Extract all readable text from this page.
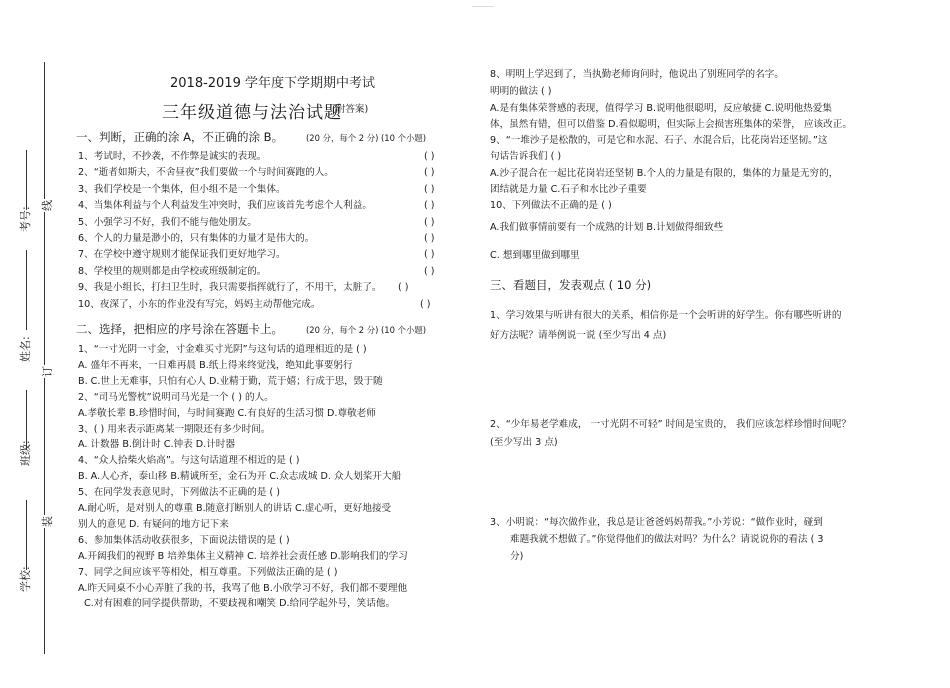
考号:
姓名:
班级:
学校:
线
订
装
2018-2019 学年度下学期期中考试
三年级道德与法治试题
(附答案)
一、判断，正确的涂 A，不正确的涂 B。	(20 分，每个 2 分) (10 个小题)
1、考试时，不抄袭，不作弊是诚实的表现。	( )
2、“逝者如斯夫，不舍昼夜”我们要做一个与时间赛跑的人。	( )
3、我们学校是一个集体，但小组不是一个集体。	( )
4、当集体利益与个人利益发生冲突时，我们应该首先考虑个人利益。	( )
5、小强学习不好，我们不能与他处朋友。	( )
6、个人的力量是渺小的，只有集体的力量才是伟大的。	( )
7、在学校中遵守规则才能保证我们更好地学习。	( )
8、学校里的规则都是由学校或班级制定的。	( )
9、我是小组长，打扫卫生时，我只需要指挥就行了，不用干，太脏了。 ( )
10、夜深了，小东的作业没有写完，妈妈主动帮他完成。	( )
二、选择，把相应的序号涂在答题卡上。	(20 分，每个 2 分) (10 个小题)
1、“一寸光阴一寸金，寸金难买寸光阴”与这句话的道理相近的是 ( )
A. 盛年不再来，一日难再晨 B.纸上得来终觉浅，绝知此事要躬行
B. C.世上无难事，只怕有心人 D.业精于勤，荒于嬉；行成于思，毁于随
2、“司马光警枕”说明司马光是一个 ( ) 的人。
A.孝敬长辈 B.珍惜时间，与时间赛跑 C.有良好的生活习惯 D.尊敬老师
3、( ) 用来表示距离某一期限还有多少时间。
A. 计数器 B.倒计时 C.钟表 D.计时器
4、“众人拾柴火焰高”。与这句话道理不相近的是 ( )
B. A.人心齐，泰山移 B.精诚所至，金石为开 C.众志成城 D. 众人划桨开大船
5、在同学发表意见时，下列做法不正确的是 ( )
A.耐心听，是对别人的尊重 B.随意打断别人的讲话 C.虚心听，更好地接受
别人的意见 D. 有疑问的地方记下来
6、参加集体活动收获很多，下面说法错误的是 ( )
A.开阔我们的视野 B 培养集体主义精神 C. 培养社会责任感 D.影响我们的学习
7、同学之间应该平等相处，相互尊重。下列做法正确的是 ( )
A.昨天同桌不小心弄脏了我的书，我骂了他 B.小欣学习不好，我们都不要理他
C.对有困难的同学提供帮助，不要歧视和嘲笑 D.给同学起外号，笑话他。
8、明明上学迟到了，当执勤老师询问时，他说出了别班同学的名字。
明明的做法 ( )
A.是有集体荣誉感的表现，值得学习 B.说明他很聪明，反应敏捷 C.说明他热爱集
体，虽然有错，但可以借鉴 D.看似聪明，但实际上会损害班集体的荣誉， 应该改正。
9、“一堆沙子是松散的，可是它和水泥、石子、水混合后，比花岗岩还坚韧。”这
句话告诉我们 ( )
A.沙子混合在一起比花岗岩还坚韧 B.个人的力量是有限的，集体的力量是无穷的，
团结就是力量 C.石子和水比沙子重要
10、下列做法不正确的是 ( )
A.我们做事情前要有一个成熟的计划 B.计划做得细致些
C. 想到哪里做到哪里
三、看题目，发表观点 ( 10 分)
1、学习效果与听讲有很大的关系，相信你是一个会听讲的好学生。你有哪些听讲的
好方法呢？请举例说一说 (至少写出 4 点)
2、“少年易老学难成， 一寸光阴不可轻” 时间是宝贵的， 我们应该怎样珍惜时间呢？
(至少写出 3 点)
3、小明说：“每次做作业，我总是让爸爸妈妈帮我。”小芳说：“做作业时，碰到
难题我就不想做了。”你觉得他们的做法对吗？为什么？请说说你的看法 ( 3
分)
